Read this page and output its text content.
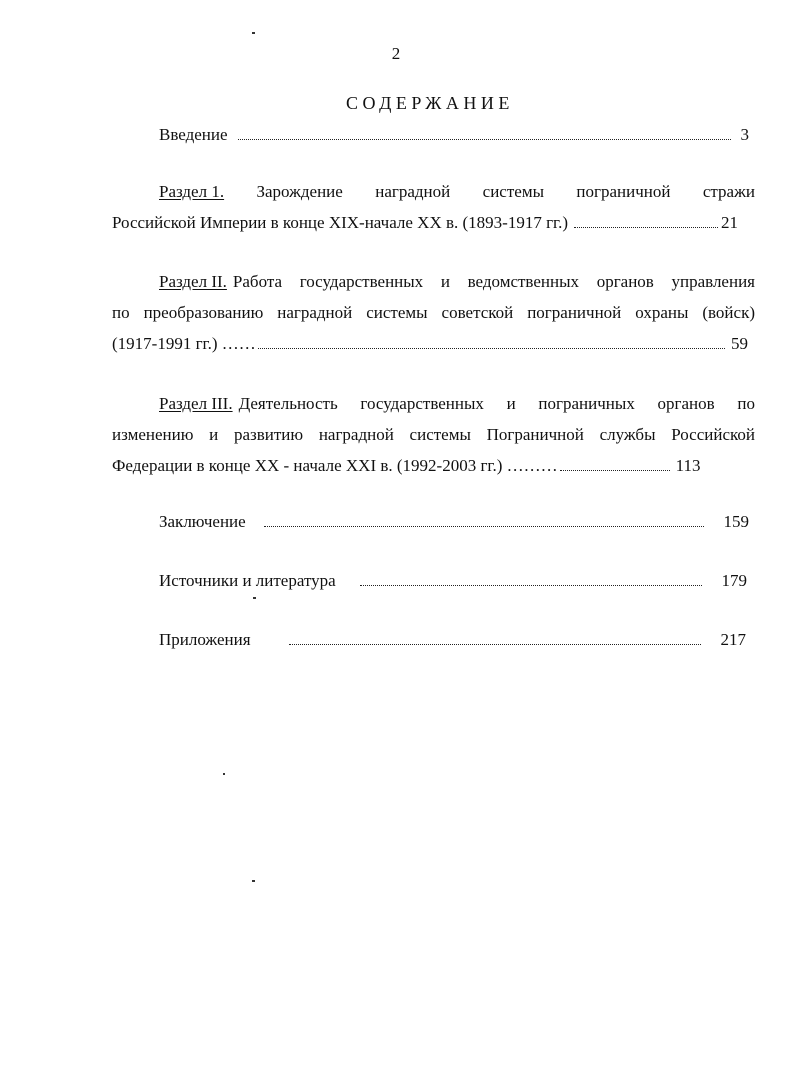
2
СОДЕРЖАНИЕ
Введение	3
Раздел 1. Зарождение наградной системы пограничной стражи
Российской Империи в конце XIX-начале XX в. (1893-1917 гг.)	21
Раздел II. Работа государственных и ведомственных органов управления
по преобразованию наградной системы советской пограничной охраны (войск)
(1917-1991 гг.) ……	59
Раздел III. Деятельность государственных и пограничных органов по
изменению и развитию наградной системы Пограничной службы Российской
Федерации в конце XX - начале XXI в. (1992-2003 гг.) ………	113
Заключение	159
Источники и литература	179
Приложения	217
